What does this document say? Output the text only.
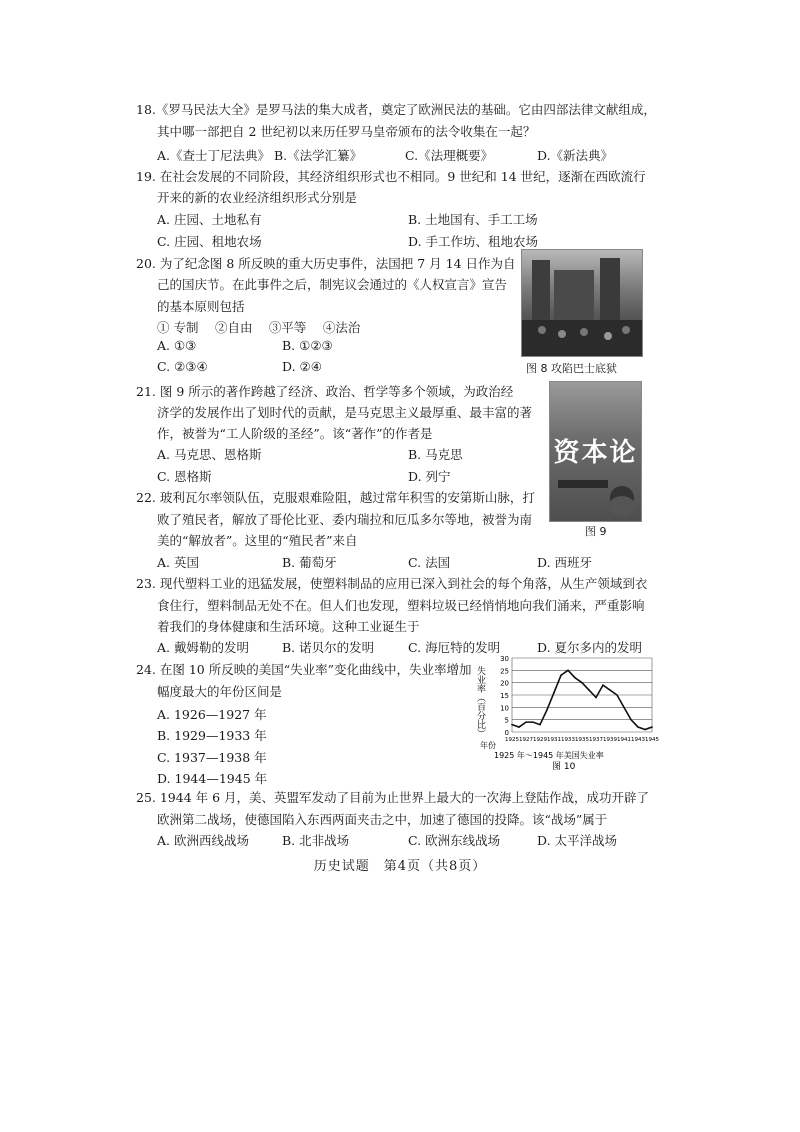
18.《罗马民法大全》是罗马法的集大成者，奠定了欧洲民法的基础。它由四部法律文献组成，
其中哪一部把自 2 世纪初以来历任罗马皇帝颁布的法令收集在一起？
A.《查士丁尼法典》 B.《法学汇纂》	C.《法理概要》	D.《新法典》
19. 在社会发展的不同阶段，其经济组织形式也不相同。9 世纪和 14 世纪，逐渐在西欧流行
开来的新的农业经济组织形式分别是
A. 庄园、土地私有	B. 土地国有、手工工场
C. 庄园、租地农场	D. 手工作坊、租地农场
20. 为了纪念图 8 所反映的重大历史事件，法国把 7 月 14 日作为自
己的国庆节。在此事件之后，制宪议会通过的《人权宣言》宣告
的基本原则包括
① 专制　 ②自由 　③平等 　④法治
A. ①③	B. ①②③
C. ②③④	D. ②④	图 8 攻陷巴士底狱
21. 图 9 所示的著作跨越了经济、政治、哲学等多个领域，为政治经
济学的发展作出了划时代的贡献，是马克思主义最厚重、最丰富的著
作，被誉为“工人阶级的圣经”。该“著作”的作者是
A. 马克思、恩格斯	B. 马克思
C. 恩格斯	D. 列宁
资本论
图 9
22. 玻利瓦尔率领队伍，克服艰难险阻，越过常年积雪的安第斯山脉，打
败了殖民者，解放了哥伦比亚、委内瑞拉和厄瓜多尔等地，被誉为南
美的“解放者”。这里的“殖民者”来自
A. 英国	B. 葡萄牙	C. 法国	D. 西班牙
23. 现代塑料工业的迅猛发展，使塑料制品的应用已深入到社会的每个角落，从生产领域到衣
食住行，塑料制品无处不在。但人们也发现，塑料垃圾已经悄悄地向我们涌来，严重影响
着我们的身体健康和生活环境。这种工业诞生于
A. 戴姆勒的发明	B. 诺贝尔的发明	C. 海厄特的发明	D. 夏尔多内的发明
24. 在图 10 所反映的美国“失业率”变化曲线中，失业率增加
幅度最大的年份区间是
A. 1926—1927 年
B. 1929—1933 年
C. 1937—1938 年
D. 1944—1945 年
0
5
10
15
20
25
30
1925 1927 1929 1931 1933 1935 1937 1939 1941 1943 1945
失业率（百分比）
年份
1925 年～1945 年美国失业率
图 10
25. 1944 年 6 月，美、英盟军发动了目前为止世界上最大的一次海上登陆作战，成功开辟了
欧洲第二战场，使德国陷入东西两面夹击之中，加速了德国的投降。该“战场”属于
A. 欧洲西线战场	B. 北非战场	C. 欧洲东线战场	D. 太平洋战场
历史试题　第4页（共8页）
